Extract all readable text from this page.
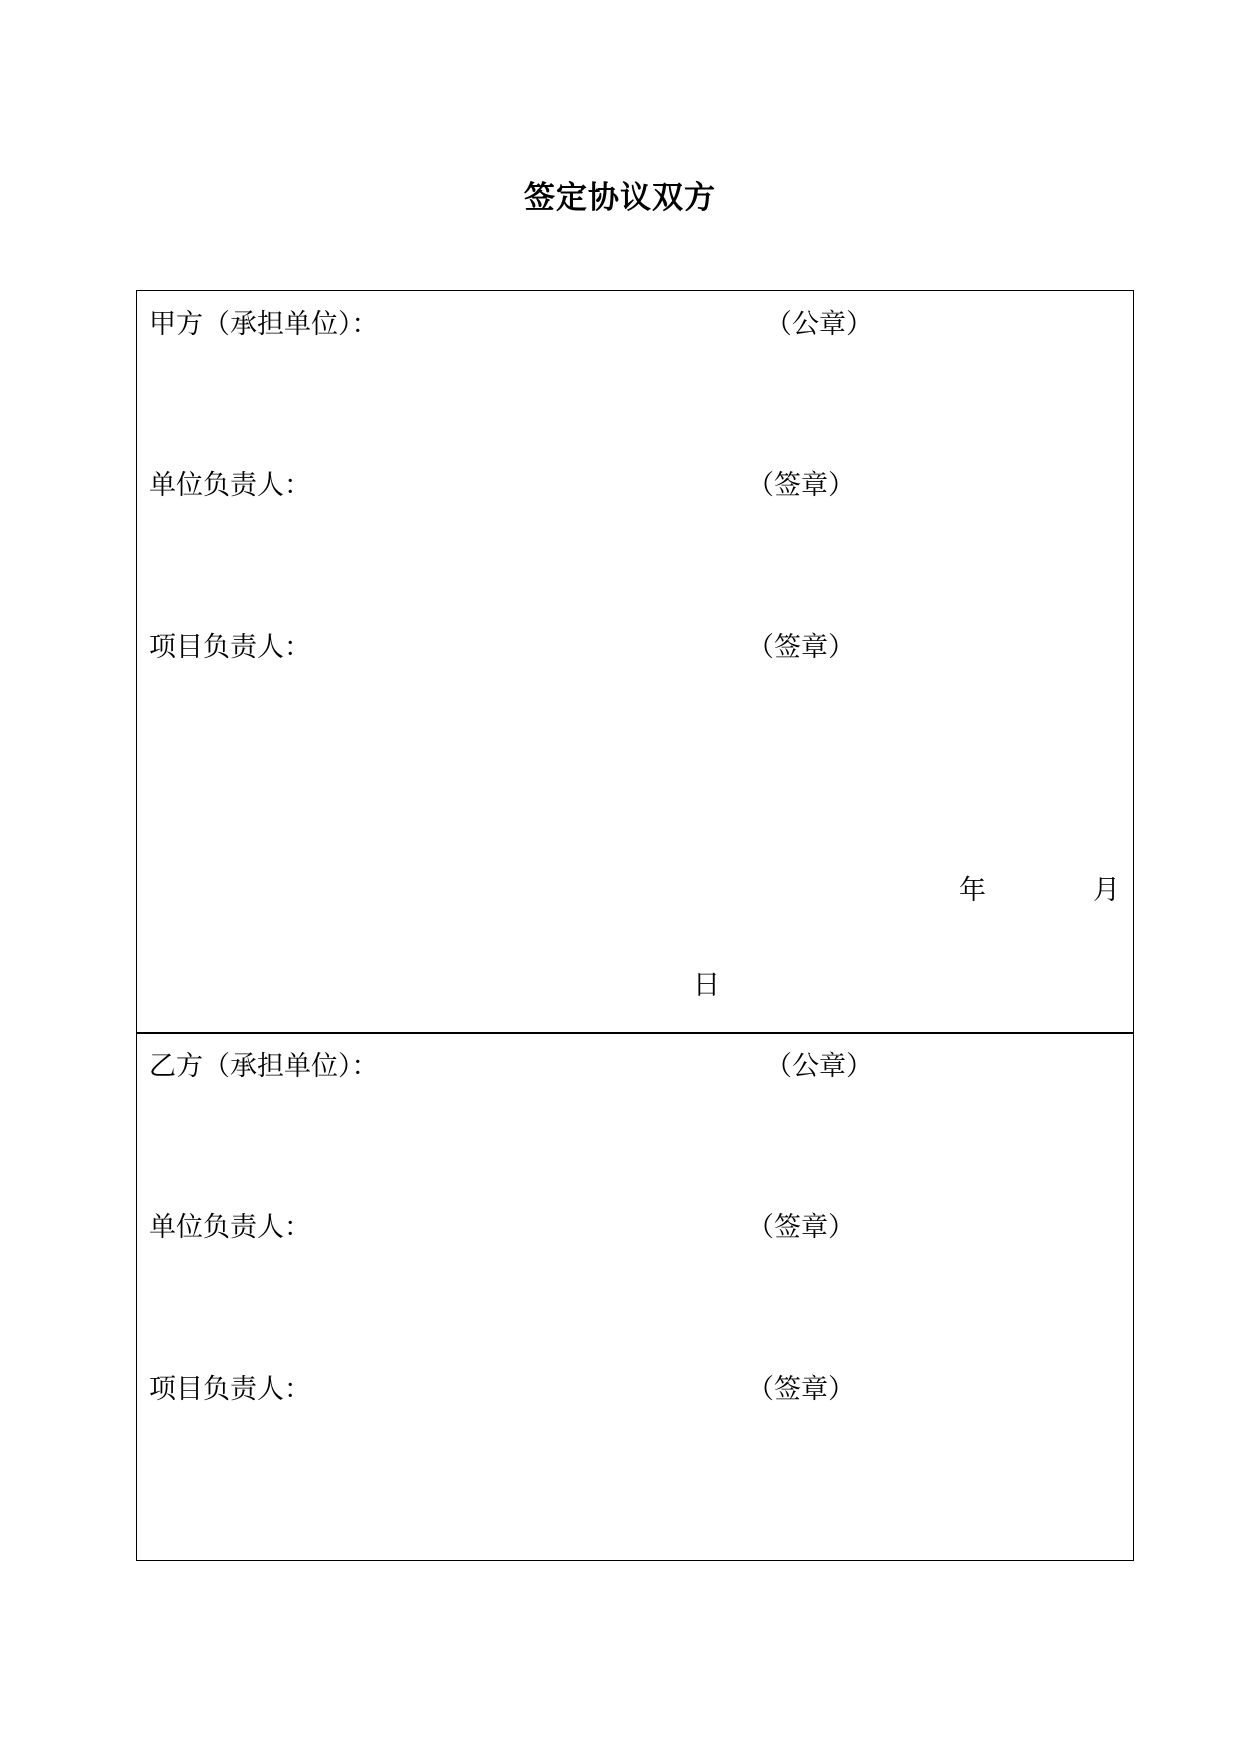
签定协议双方
甲方（承担单位）：	（公章）
单位负责人：	（签章）
项目负责人：	（签章）
年	月
日
乙方（承担单位）：	（公章）
单位负责人：	（签章）
项目负责人：	（签章）
